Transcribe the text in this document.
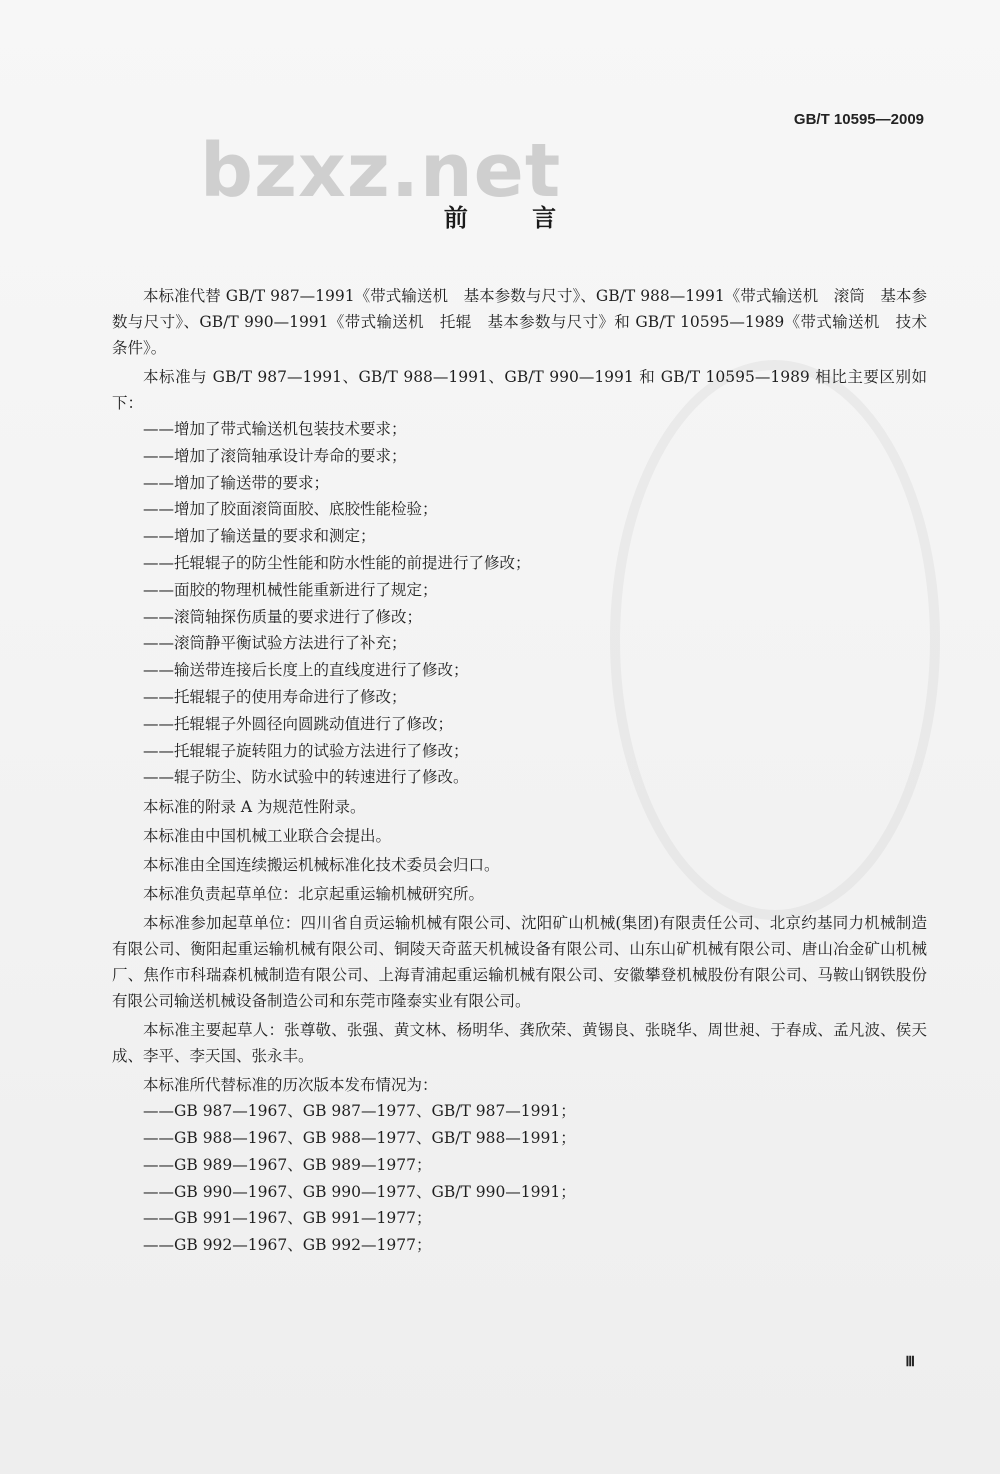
GB/T 10595—2009
bzxz.net
前 言

本标准代替 GB/T 987—1991《带式输送机　基本参数与尺寸》、GB/T 988—1991《带式输送机　滚筒　基本参数与尺寸》、GB/T 990—1991《带式输送机　托辊　基本参数与尺寸》和 GB/T 10595—1989《带式输送机　技术条件》。

本标准与 GB/T 987—1991、GB/T 988—1991、GB/T 990—1991 和 GB/T 10595—1989 相比主要区别如下：

——增加了带式输送机包装技术要求；

——增加了滚筒轴承设计寿命的要求；

——增加了输送带的要求；

——增加了胶面滚筒面胶、底胶性能检验；

——增加了输送量的要求和测定；

——托辊辊子的防尘性能和防水性能的前提进行了修改；

——面胶的物理机械性能重新进行了规定；

——滚筒轴探伤质量的要求进行了修改；

——滚筒静平衡试验方法进行了补充；

——输送带连接后长度上的直线度进行了修改；

——托辊辊子的使用寿命进行了修改；

——托辊辊子外圆径向圆跳动值进行了修改；

——托辊辊子旋转阻力的试验方法进行了修改；

——辊子防尘、防水试验中的转速进行了修改。

本标准的附录 A 为规范性附录。

本标准由中国机械工业联合会提出。

本标准由全国连续搬运机械标准化技术委员会归口。

本标准负责起草单位：北京起重运输机械研究所。

本标准参加起草单位：四川省自贡运输机械有限公司、沈阳矿山机械(集团)有限责任公司、北京约基同力机械制造有限公司、衡阳起重运输机械有限公司、铜陵天奇蓝天机械设备有限公司、山东山矿机械有限公司、唐山冶金矿山机械厂、焦作市科瑞森机械制造有限公司、上海青浦起重运输机械有限公司、安徽攀登机械股份有限公司、马鞍山钢铁股份有限公司输送机械设备制造公司和东莞市隆泰实业有限公司。

本标准主要起草人：张尊敬、张强、黄文林、杨明华、龚欣荣、黄锡良、张晓华、周世昶、于春成、孟凡波、侯天成、李平、李天国、张永丰。

本标准所代替标准的历次版本发布情况为：

——GB 987—1967、GB 987—1977、GB/T 987—1991；

——GB 988—1967、GB 988—1977、GB/T 988—1991；

——GB 989—1967、GB 989—1977；

——GB 990—1967、GB 990—1977、GB/T 990—1991；

——GB 991—1967、GB 991—1977；

——GB 992—1967、GB 992—1977；

Ⅲ
